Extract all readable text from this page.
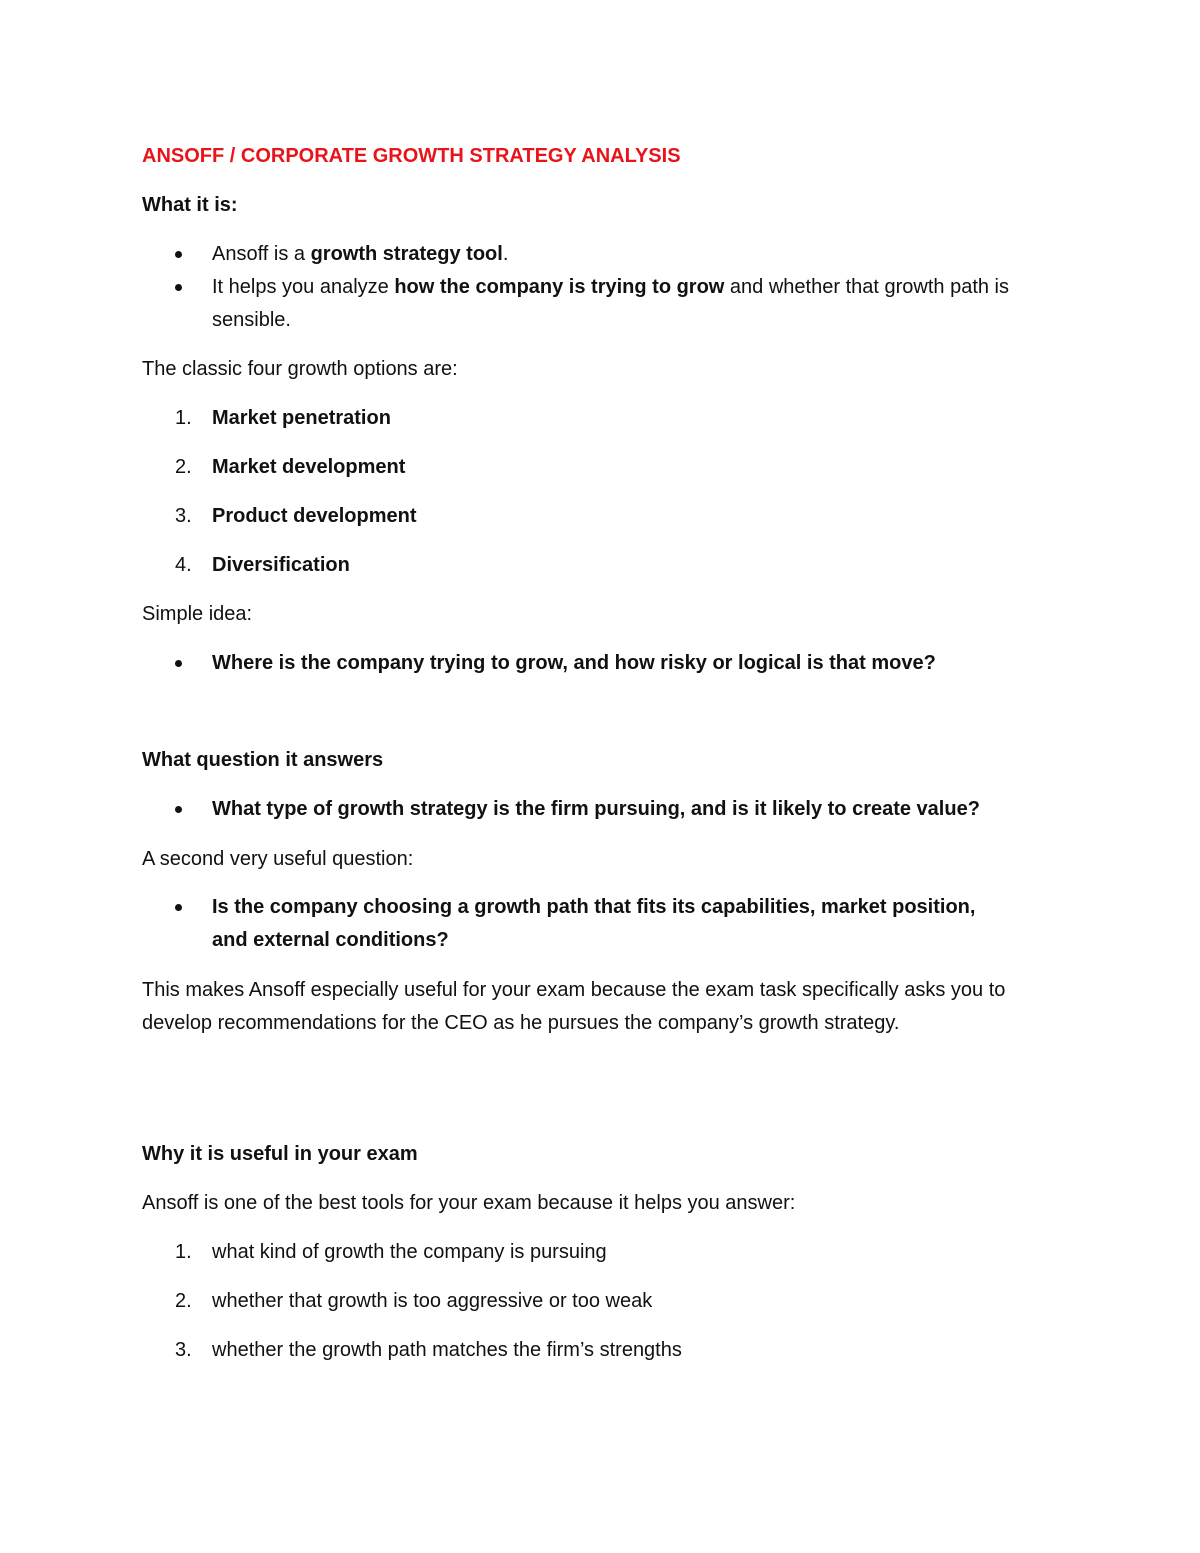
ANSOFF / CORPORATE GROWTH STRATEGY ANALYSIS
What it is:
Ansoff is a growth strategy tool.
It helps you analyze how the company is trying to grow and whether that growth path is sensible.
The classic four growth options are:
1.	Market penetration
2.	Market development
3.	Product development
4.	Diversification
Simple idea:
Where is the company trying to grow, and how risky or logical is that move?
What question it answers
What type of growth strategy is the firm pursuing, and is it likely to create value?
A second very useful question:
Is the company choosing a growth path that fits its capabilities, market position, and external conditions?
This makes Ansoff especially useful for your exam because the exam task specifically asks you to develop recommendations for the CEO as he pursues the company’s growth strategy.
Why it is useful in your exam
Ansoff is one of the best tools for your exam because it helps you answer:
1.	what kind of growth the company is pursuing
2.	whether that growth is too aggressive or too weak
3.	whether the growth path matches the firm’s strengths
